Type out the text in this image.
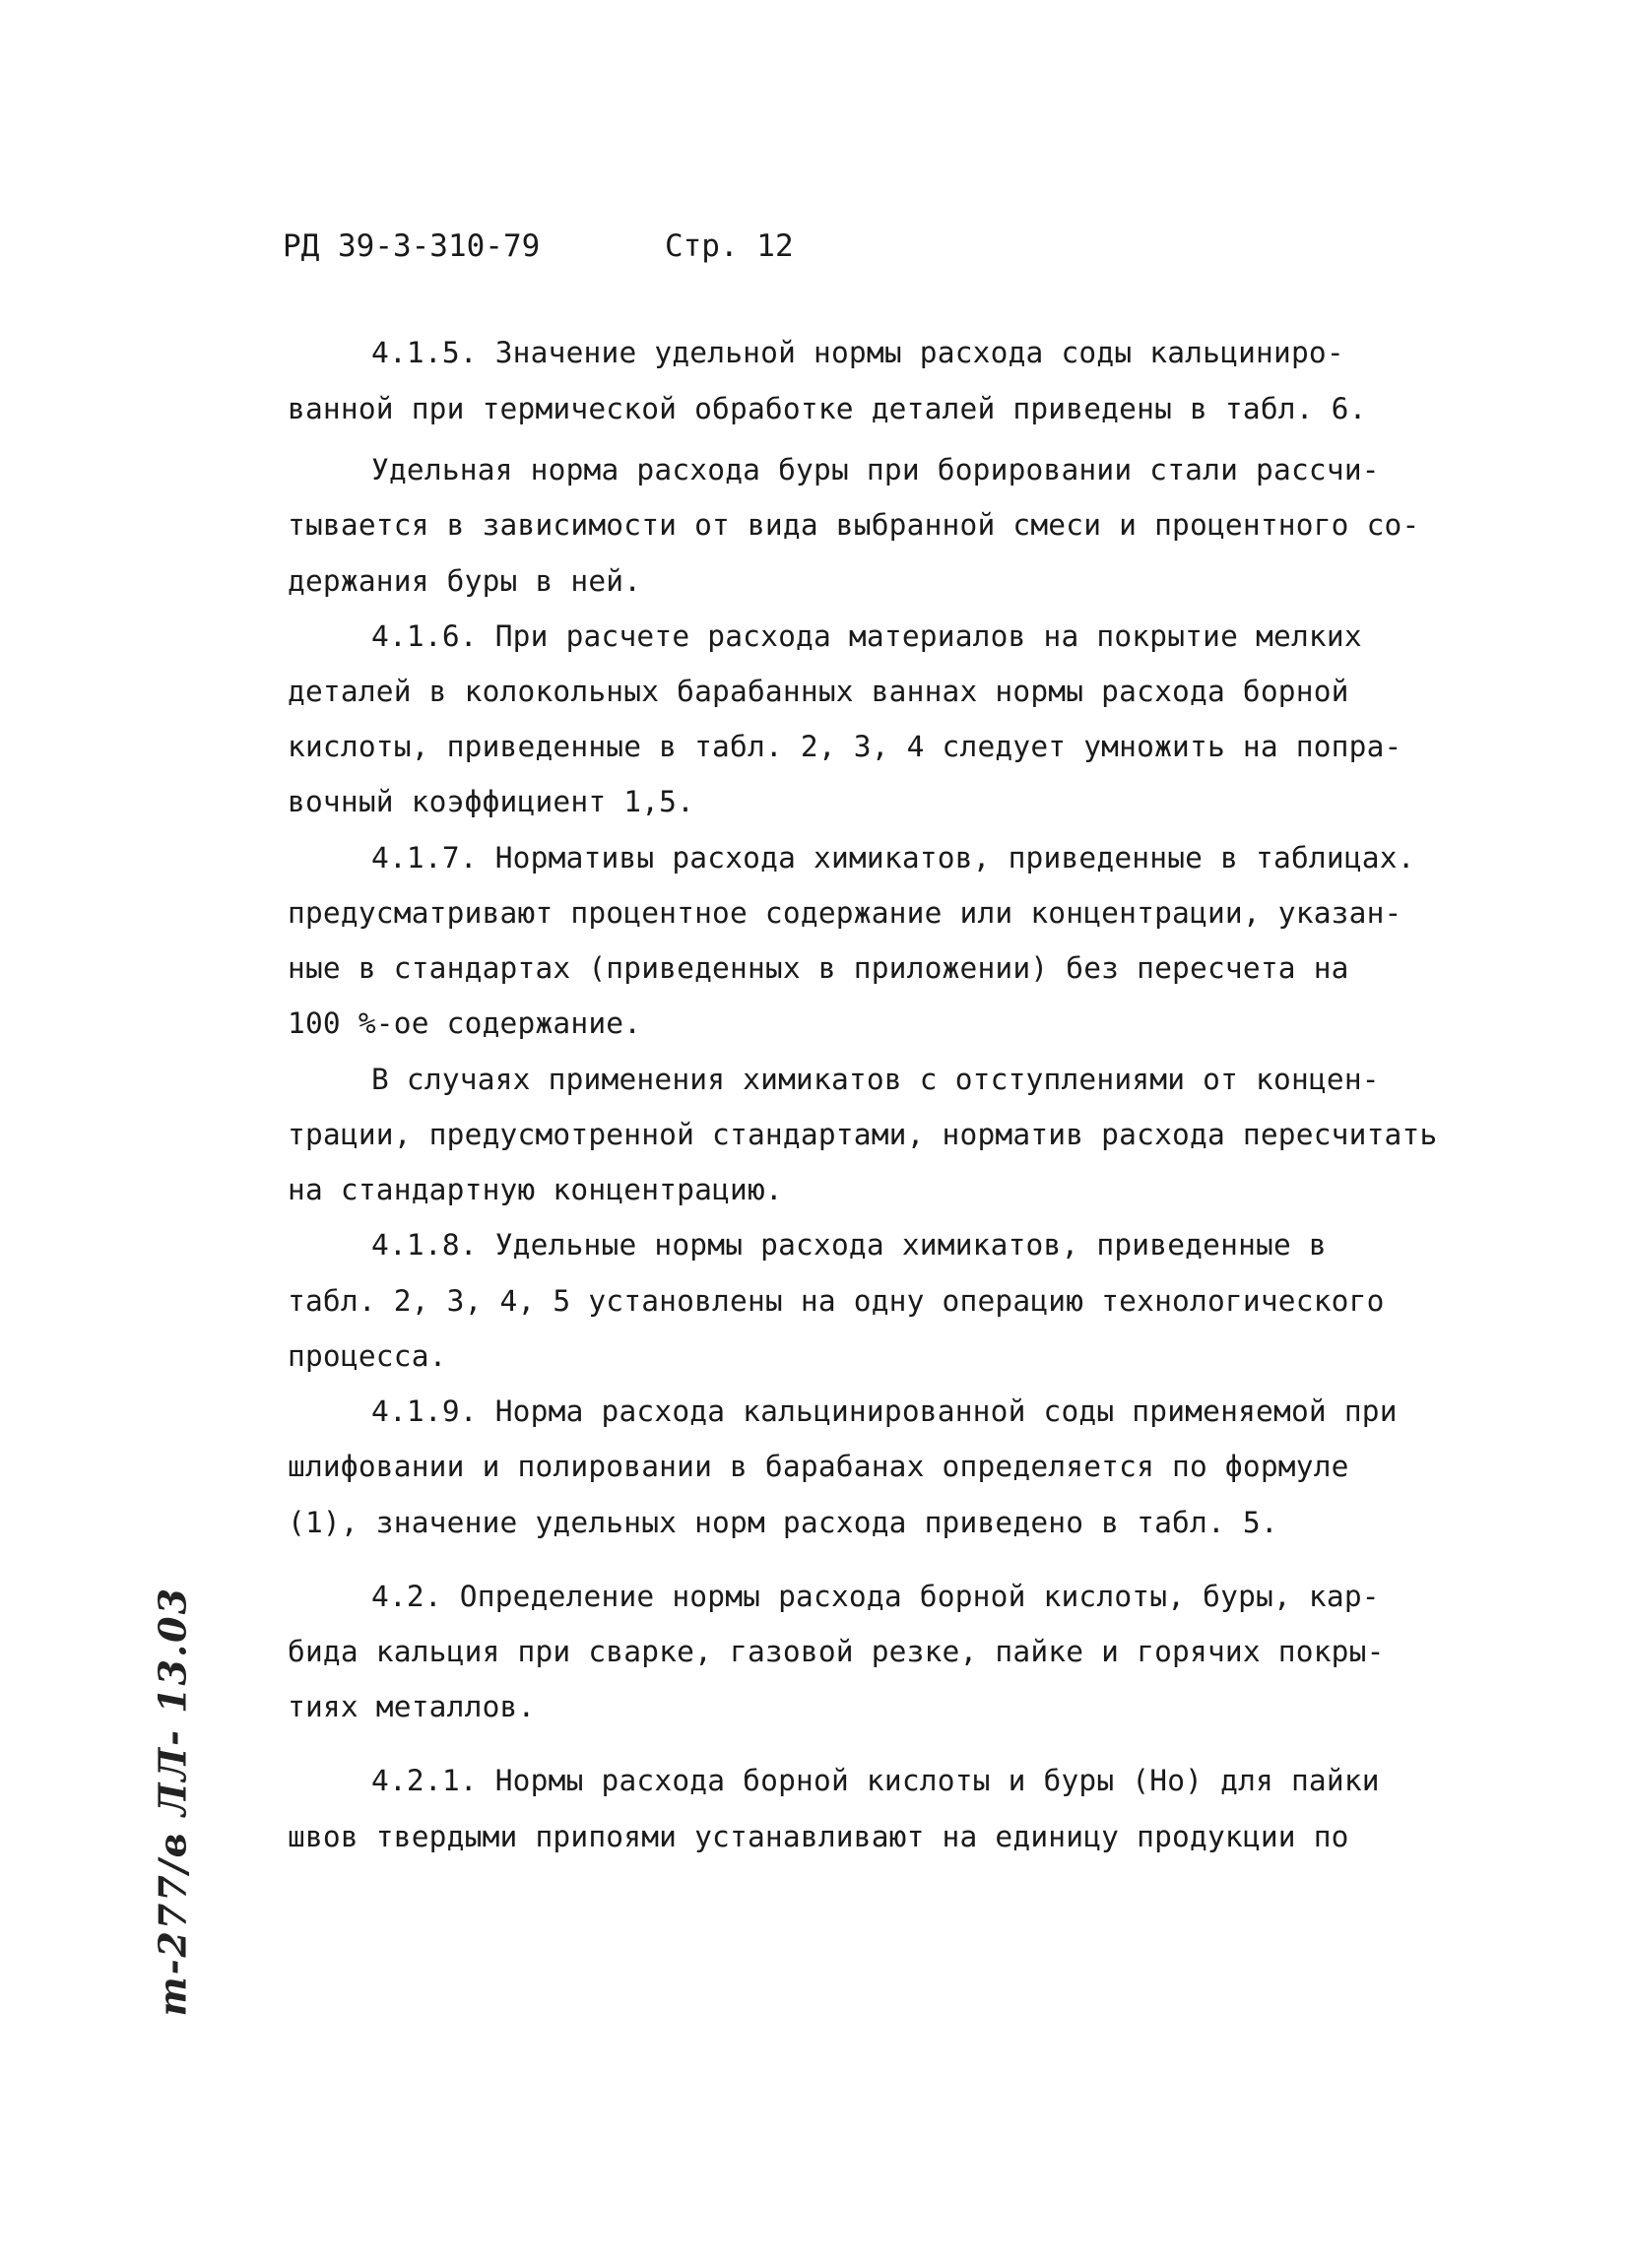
РД 39-3-310-79	Стр. 12
4.1.5. Значение удельной нормы расхода соды кальциниро-
ванной при термической обработке деталей приведены в табл. 6.
Удельная норма расхода буры при борировании стали рассчи-
тывается в зависимости от вида выбранной смеси и процентного со-
держания буры в ней.
4.1.6. При расчете расхода материалов на покрытие мелких
деталей в колокольных барабанных ваннах нормы расхода борной
кислоты, приведенные в табл. 2, 3, 4 следует умножить на попра-
вочный коэффициент 1,5.
4.1.7. Нормативы расхода химикатов, приведенные в таблицах.
предусматривают процентное содержание или концентрации, указан-
ные в стандартах (приведенных в приложении) без пересчета на
100 %-ое содержание.
В случаях применения химикатов с отступлениями от концен-
трации, предусмотренной стандартами, норматив расхода пересчитать
на стандартную концентрацию.
4.1.8. Удельные нормы расхода химикатов, приведенные в
табл. 2, 3, 4, 5 установлены на одну операцию технологического
процесса.
4.1.9. Норма расхода кальцинированной соды применяемой при
шлифовании и полировании в барабанах определяется по формуле
(1), значение удельных норм расхода приведено в табл. 5.
4.2. Определение нормы расхода борной кислоты, буры, кар-
бида кальция при сварке, газовой резке, пайке и горячих покры-
тиях металлов.
4.2.1. Нормы расхода борной кислоты и буры (Но) для пайки
швов твердыми припоями устанавливают на единицу продукции по
т-277/в ЛЛ- 13.03
